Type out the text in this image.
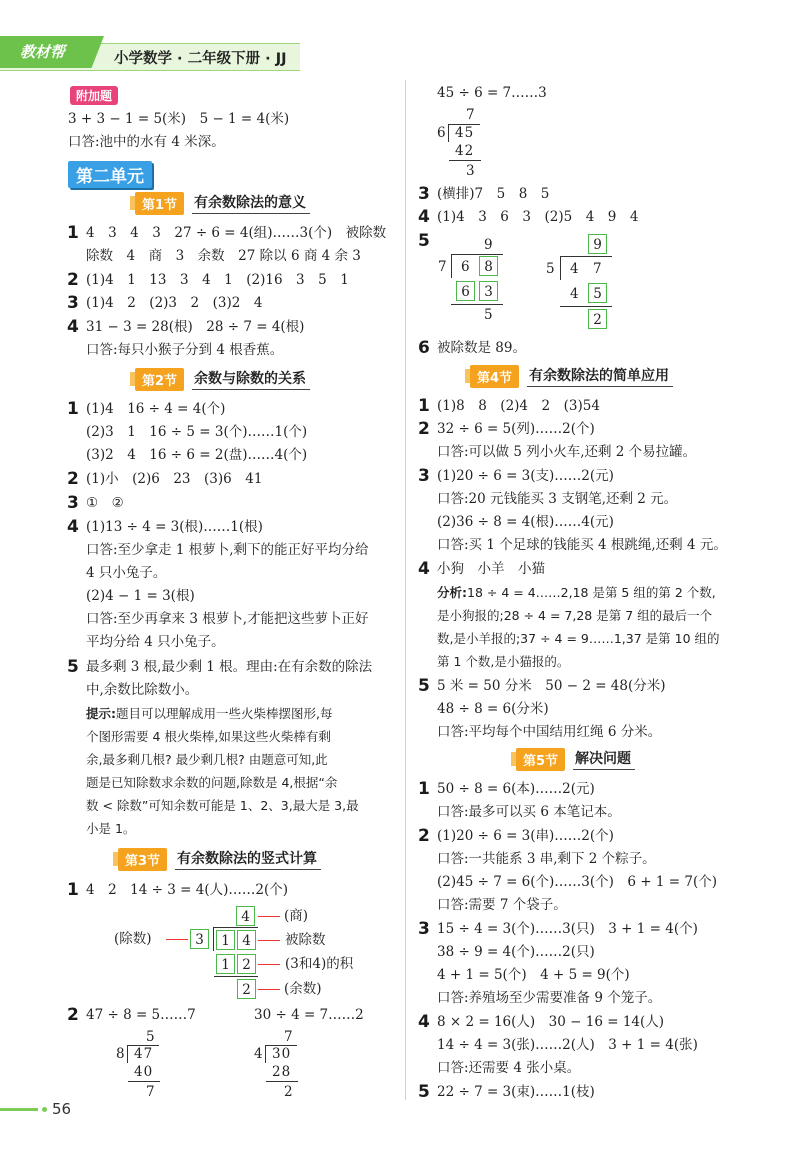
教材帮	小学数学 · 二年级下册 · JJ
附加题
3 + 3 − 1 = 5(米)　5 − 1 = 4(米)
口答:池中的水有 4 米深。
第二单元
第1节	有余数除法的意义
1 4　3　4　3　27 ÷ 6 = 4(组)……3(个)　被除数
除数　4　商　3　余数　27 除以 6 商 4 余 3
2 (1)4　1　13　3　4　1　(2)16　3　5　1
3 (1)4　2　(2)3　2　(3)2　4
4 31 − 3 = 28(根)　28 ÷ 7 = 4(根)
口答:每只小猴子分到 4 根香蕉。
第2节	余数与除数的关系
1 (1)4　16 ÷ 4 = 4(个)
(2)3　1　16 ÷ 5 = 3(个)……1(个)
(3)2　4　16 ÷ 6 = 2(盘)……4(个)
2 (1)小　(2)6　23　(3)6　41
3 ①　②
4 (1)13 ÷ 4 = 3(根)……1(根)
口答:至少拿走 1 根萝卜,剩下的能正好平均分给
4 只小兔子。
(2)4 − 1 = 3(根)
口答:至少再拿来 3 根萝卜,才能把这些萝卜正好
平均分给 4 只小兔子。
5 最多剩 3 根,最少剩 1 根。理由:在有余数的除法
中,余数比除数小。
提示:题目可以理解成用一些火柴棒摆图形,每
个图形需要 4 根火柴棒,如果这些火柴棒有剩
余,最多剩几根? 最少剩几根? 由题意可知,此
题是已知除数求余数的问题,除数是 4,根据“余
数 < 除数”可知余数可能是 1、2、3,最大是 3,最
小是 1。
第3节	有余数除法的竖式计算
1 4　2　14 ÷ 3 = 4(人)……2(个)
4	(商)
(除数)	3	1 4	被除数
1 2	(3和4)的积
2	(余数)
2 47 ÷ 8 = 5……7	30 ÷ 4 = 7……2
5
8 47
40
7
7
4 30
28
2
56
45 ÷ 6 = 7……3
7
6 45
42
3
3 (横排)7　5　8　5
4 (1)4　3　6　3　(2)5　4　9　4
5	9
7 6	8
6	3
5
9
5 4 7
4	5
2
6 被除数是 89。
第4节	有余数除法的简单应用
1 (1)8　8　(2)4　2　(3)54
2 32 ÷ 6 = 5(列)……2(个)
口答:可以做 5 列小火车,还剩 2 个易拉罐。
3 (1)20 ÷ 6 = 3(支)……2(元)
口答:20 元钱能买 3 支钢笔,还剩 2 元。
(2)36 ÷ 8 = 4(根)……4(元)
口答:买 1 个足球的钱能买 4 根跳绳,还剩 4 元。
4 小狗　小羊　小猫
分析:18 ÷ 4 = 4……2,18 是第 5 组的第 2 个数,
是小狗报的;28 ÷ 4 = 7,28 是第 7 组的最后一个
数,是小羊报的;37 ÷ 4 = 9……1,37 是第 10 组的
第 1 个数,是小猫报的。
5 5 米 = 50 分米　50 − 2 = 48(分米)
48 ÷ 8 = 6(分米)
口答:平均每个中国结用红绳 6 分米。
第5节	解决问题
1 50 ÷ 8 = 6(本)……2(元)
口答:最多可以买 6 本笔记本。
2 (1)20 ÷ 6 = 3(串)……2(个)
口答:一共能系 3 串,剩下 2 个粽子。
(2)45 ÷ 7 = 6(个)……3(个)　6 + 1 = 7(个)
口答:需要 7 个袋子。
3 15 ÷ 4 = 3(个)……3(只)　3 + 1 = 4(个)
38 ÷ 9 = 4(个)……2(只)
4 + 1 = 5(个)　4 + 5 = 9(个)
口答:养殖场至少需要准备 9 个笼子。
4 8 × 2 = 16(人)　30 − 16 = 14(人)
14 ÷ 4 = 3(张)……2(人)　3 + 1 = 4(张)
口答:还需要 4 张小桌。
5 22 ÷ 7 = 3(束)……1(枝)
